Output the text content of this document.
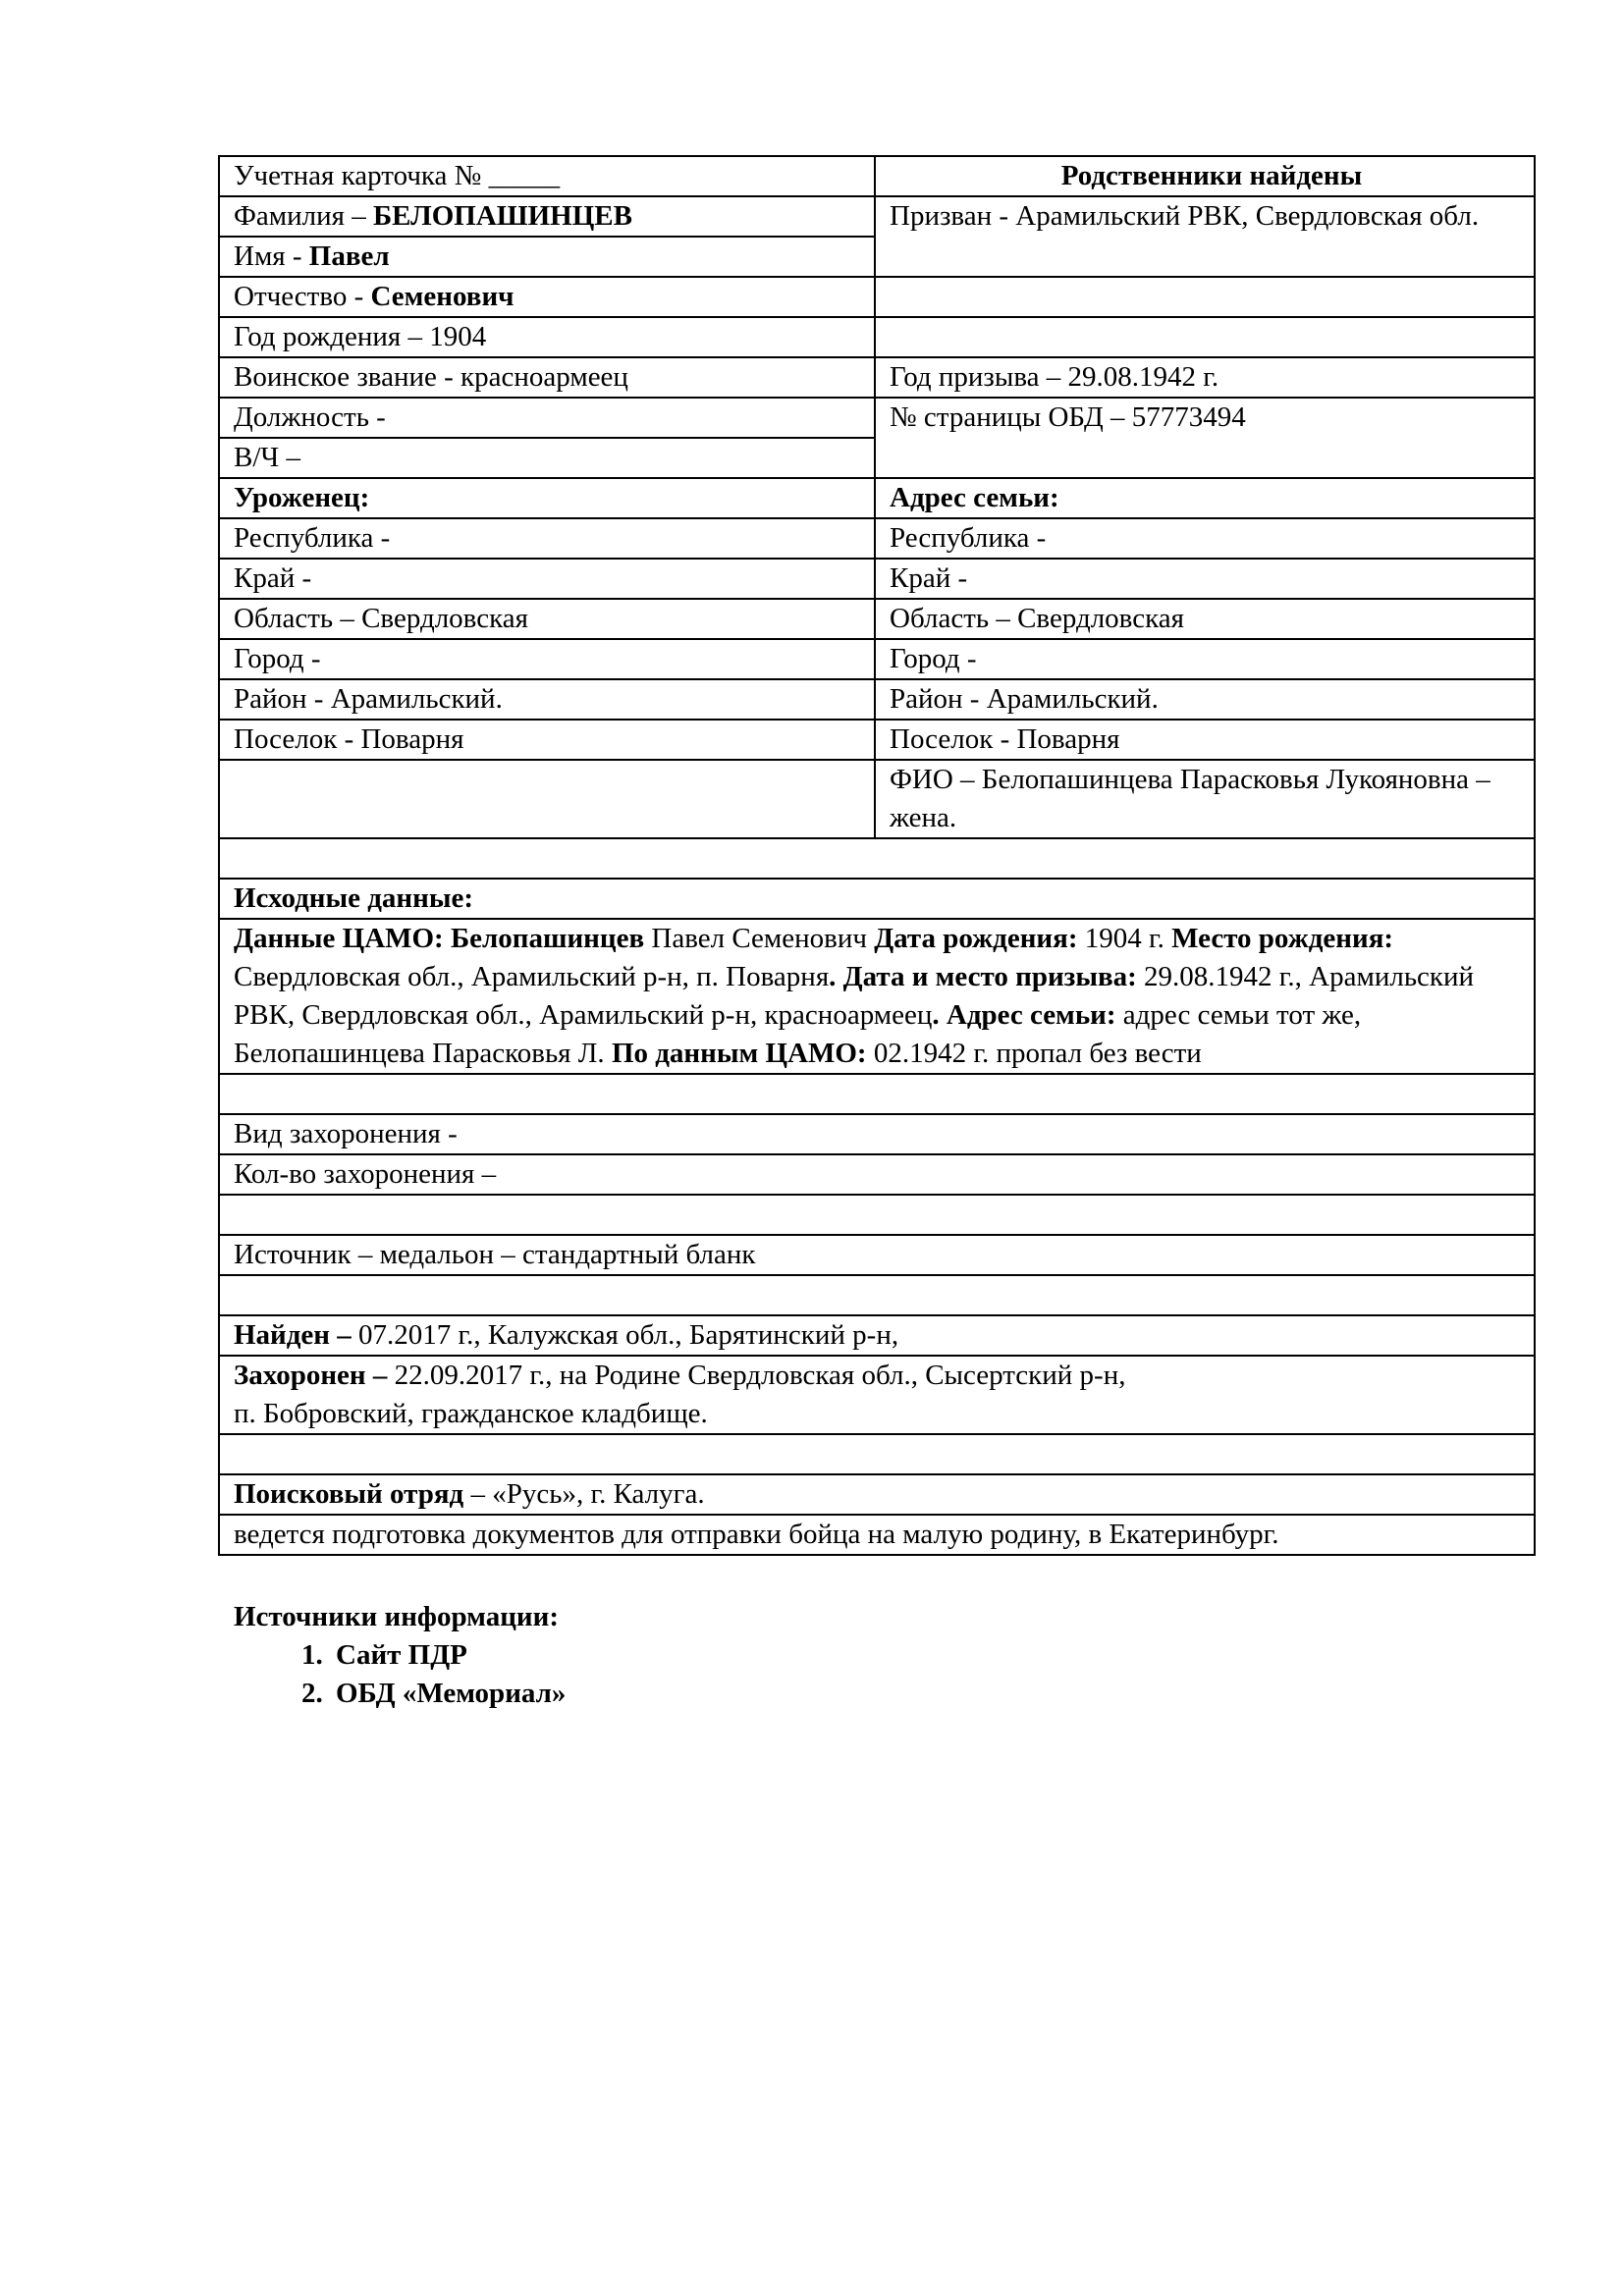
Учетная карточка № _____	Родственники найдены
Фамилия – БЕЛОПАШИНЦЕВ	Призван - Арамильский РВК, Свердловская обл.
Имя - Павел	
Отчество - Семенович	
Год рождения – 1904	
Воинское звание - красноармеец	Год призыва – 29.08.1942 г.
Должность -	№ страницы ОБД – 57773494
В/Ч –	
Уроженец:	Адрес семьи:
Республика -	Республика -
Край -	Край -
Область – Свердловская	Область – Свердловская
Город -	Город -
Район - Арамильский.	Район - Арамильский.
Поселок - Поварня	Поселок - Поварня
	ФИО – Белопашинцева Парасковья Лукояновна – жена.

Исходные данные:	
Данные ЦАМО: Белопашинцев Павел Семенович Дата рождения: 1904 г. Место рождения: Свердловская обл., Арамильский р-н, п. Поварня. Дата и место призыва: 29.08.1942 г., Арамильский РВК, Свердловская обл., Арамильский р-н, красноармеец. Адрес семьи: адрес семьи тот же, Белопашинцева Парасковья Л. По данным ЦАМО: 02.1942 г. пропал без вести	

Вид захоронения -	
Кол-во захоронения –	

Источник – медальон – стандартный бланк	

Найден – 07.2017 г., Калужская обл., Барятинский р-н,	
Захоронен – 22.09.2017 г., на Родине Свердловская обл., Сысертский р-н,
п. Бобровский, гражданское кладбище.	

Поисковый отряд – «Русь», г. Калуга.	
ведется подготовка документов для отправки бойца на малую родину, в Екатеринбург.	
Источники информации:
1. Сайт ПДР
2. ОБД «Мемориал»
